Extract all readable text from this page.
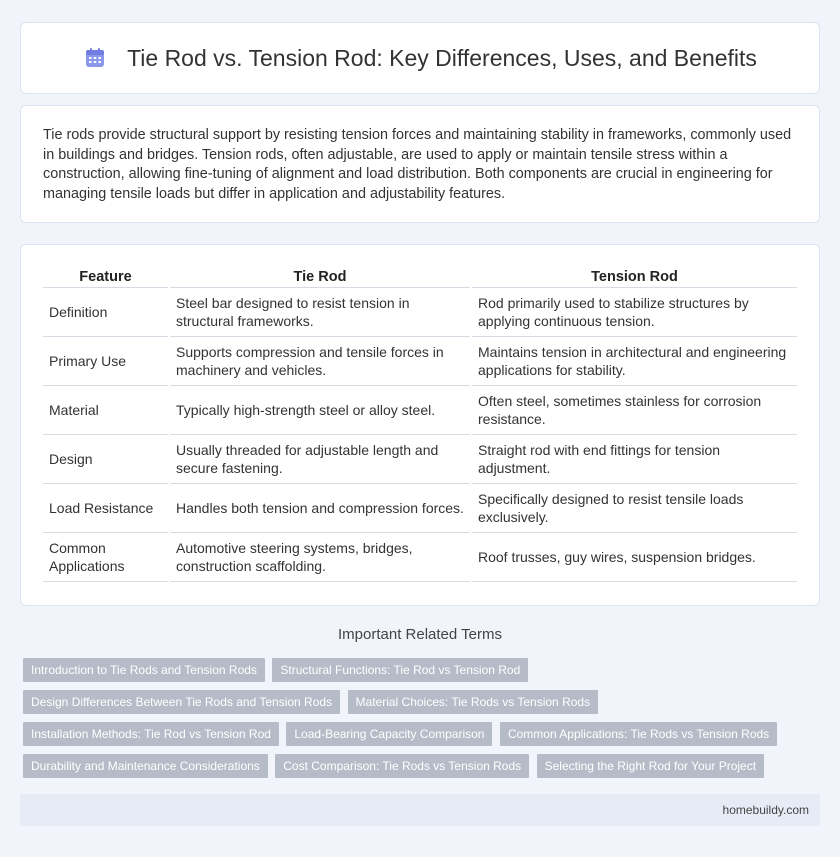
Tie Rod vs. Tension Rod: Key Differences, Uses, and Benefits

Tie rods provide structural support by resisting tension forces and maintaining stability in frameworks, commonly used in buildings and bridges. Tension rods, often adjustable, are used to apply or maintain tensile stress within a construction, allowing fine-tuning of alignment and load distribution. Both components are crucial in engineering for managing tensile loads but differ in application and adjustability features.

Feature	Tie Rod	Tension Rod
Definition	Steel bar designed to resist tension in structural frameworks.	Rod primarily used to stabilize structures by applying continuous tension.
Primary Use	Supports compression and tensile forces in machinery and vehicles.	Maintains tension in architectural and engineering applications for stability.
Material	Typically high-strength steel or alloy steel.	Often steel, sometimes stainless for corrosion resistance.
Design	Usually threaded for adjustable length and secure fastening.	Straight rod with end fittings for tension adjustment.
Load Resistance	Handles both tension and compression forces.	Specifically designed to resist tensile loads exclusively.
Common Applications	Automotive steering systems, bridges, construction scaffolding.	Roof trusses, guy wires, suspension bridges.
Important Related Terms
Introduction to Tie Rods and Tension Rods Structural Functions: Tie Rod vs Tension Rod Design Differences Between Tie Rods and Tension Rods Material Choices: Tie Rods vs Tension Rods Installation Methods: Tie Rod vs Tension Rod Load-Bearing Capacity Comparison Common Applications: Tie Rods vs Tension Rods Durability and Maintenance Considerations Cost Comparison: Tie Rods vs Tension Rods Selecting the Right Rod for Your Project
homebuildy.com
